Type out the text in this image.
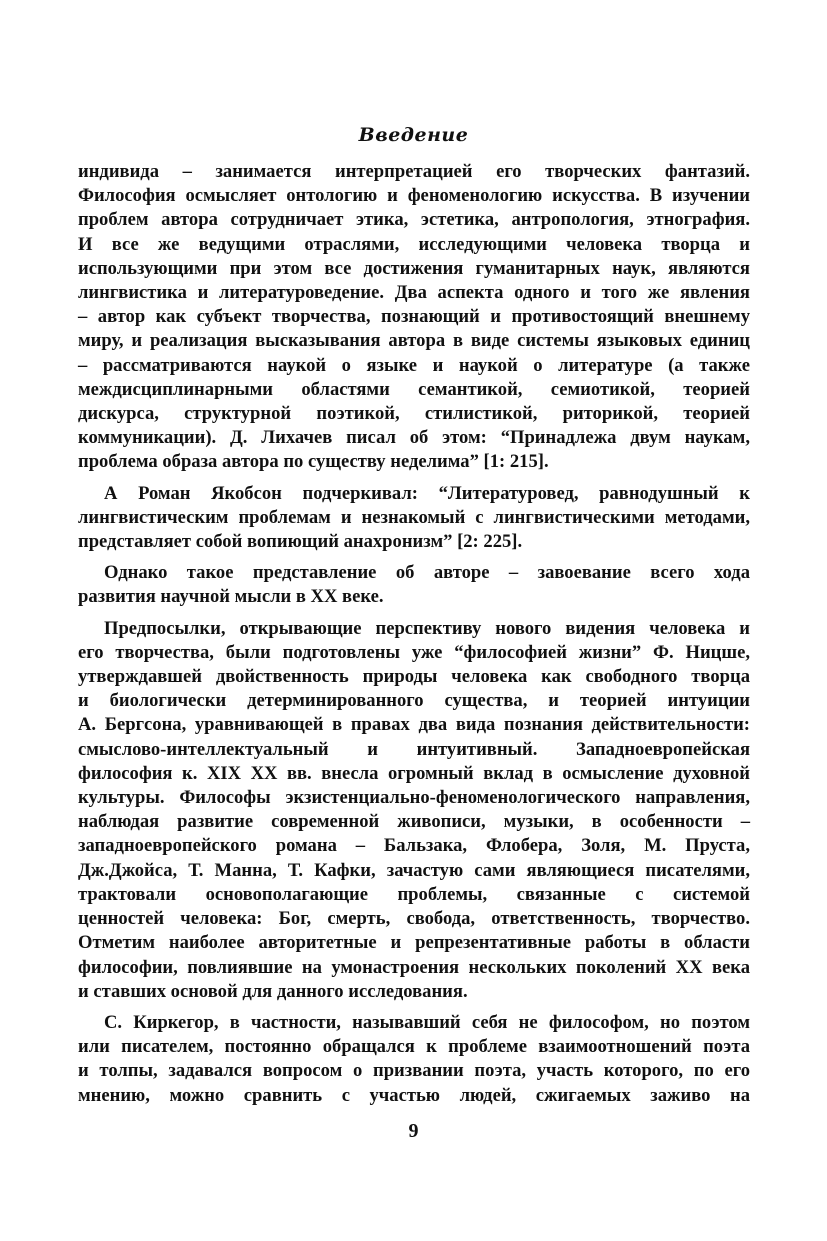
Введение

индивида – занимается интерпретацией его творческих фантазий.
Философия осмысляет онтологию и феноменологию искусства. В изучении
проблем автора сотрудничает этика, эстетика, антропология, этнография.
И все же ведущими отраслями, исследующими человека творца и
использующими при этом все достижения гуманитарных наук, являются
лингвистика и литературоведение. Два аспекта одного и того же явления
– автор как субъект творчества, познающий и противостоящий внешнему
миру, и реализация высказывания автора в виде системы языковых единиц
– рассматриваются наукой о языке и наукой о литературе (а также
междисциплинарными областями семантикой, семиотикой, теорией
дискурса, структурной поэтикой, стилистикой, риторикой, теорией
коммуникации). Д. Лихачев писал об этом: “Принадлежа двум наукам,
проблема образа автора по существу неделима” [1: 215].

А Роман Якобсон подчеркивал: “Литературовед, равнодушный к
лингвистическим проблемам и незнакомый с лингвистическими методами,
представляет собой вопиющий анахронизм” [2: 225].

Однако такое представление об авторе – завоевание всего хода
развития научной мысли в XX веке.

Предпосылки, открывающие перспективу нового видения человека и
его творчества, были подготовлены уже “философией жизни” Ф. Ницше,
утверждавшей двойственность природы человека как свободного творца
и биологически детерминированного существа, и теорией интуиции
А. Бергсона, уравнивающей в правах два вида познания действительности:
смыслово-интеллектуальный и интуитивный. Западноевропейская
философия к. XIX XX вв. внесла огромный вклад в осмысление духовной
культуры. Философы экзистенциально-феноменологического направления,
наблюдая развитие современной живописи, музыки, в особенности –
западноевропейского романа – Бальзака, Флобера, Золя, М. Пруста,
Дж.Джойса, Т. Манна, Т. Кафки, зачастую сами являющиеся писателями,
трактовали основополагающие проблемы, связанные с системой
ценностей человека: Бог, смерть, свобода, ответственность, творчество.
Отметим наиболее авторитетные и репрезентативные работы в области
философии, повлиявшие на умонастроения нескольких поколений XX века
и ставших основой для данного исследования.

С. Киркегор, в частности, называвший себя не философом, но поэтом
или писателем, постоянно обращался к проблеме взаимоотношений поэта
и толпы, задавался вопросом о призвании поэта, участь которого, по его
мнению, можно сравнить с участью людей, сжигаемых заживо на

9
